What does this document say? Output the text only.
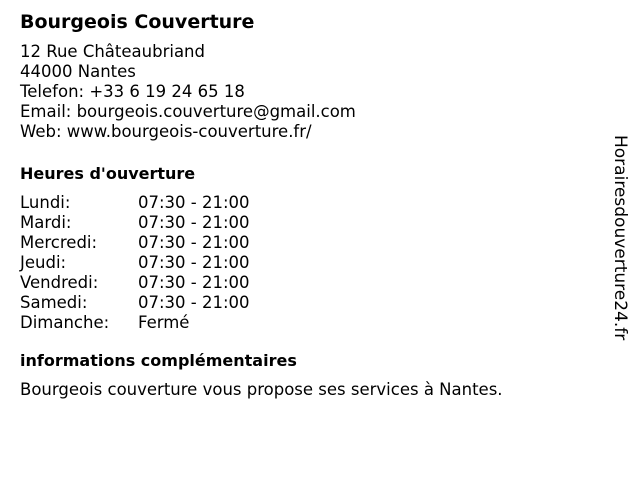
Bourgeois Couverture
12 Rue Châteaubriand
44000 Nantes
Telefon: +33 6 19 24 65 18
Email: bourgeois.couverture@gmail.com
Web: www.bourgeois-couverture.fr/
Heures d'ouverture
Lundi:	07:30 - 21:00
Mardi:	07:30 - 21:00
Mercredi:	07:30 - 21:00
Jeudi:	07:30 - 21:00
Vendredi:	07:30 - 21:00
Samedi:	07:30 - 21:00
Dimanche:	Fermé
informations complémentaires
Bourgeois couverture vous propose ses services à Nantes.
Horairesdouverture24.fr
